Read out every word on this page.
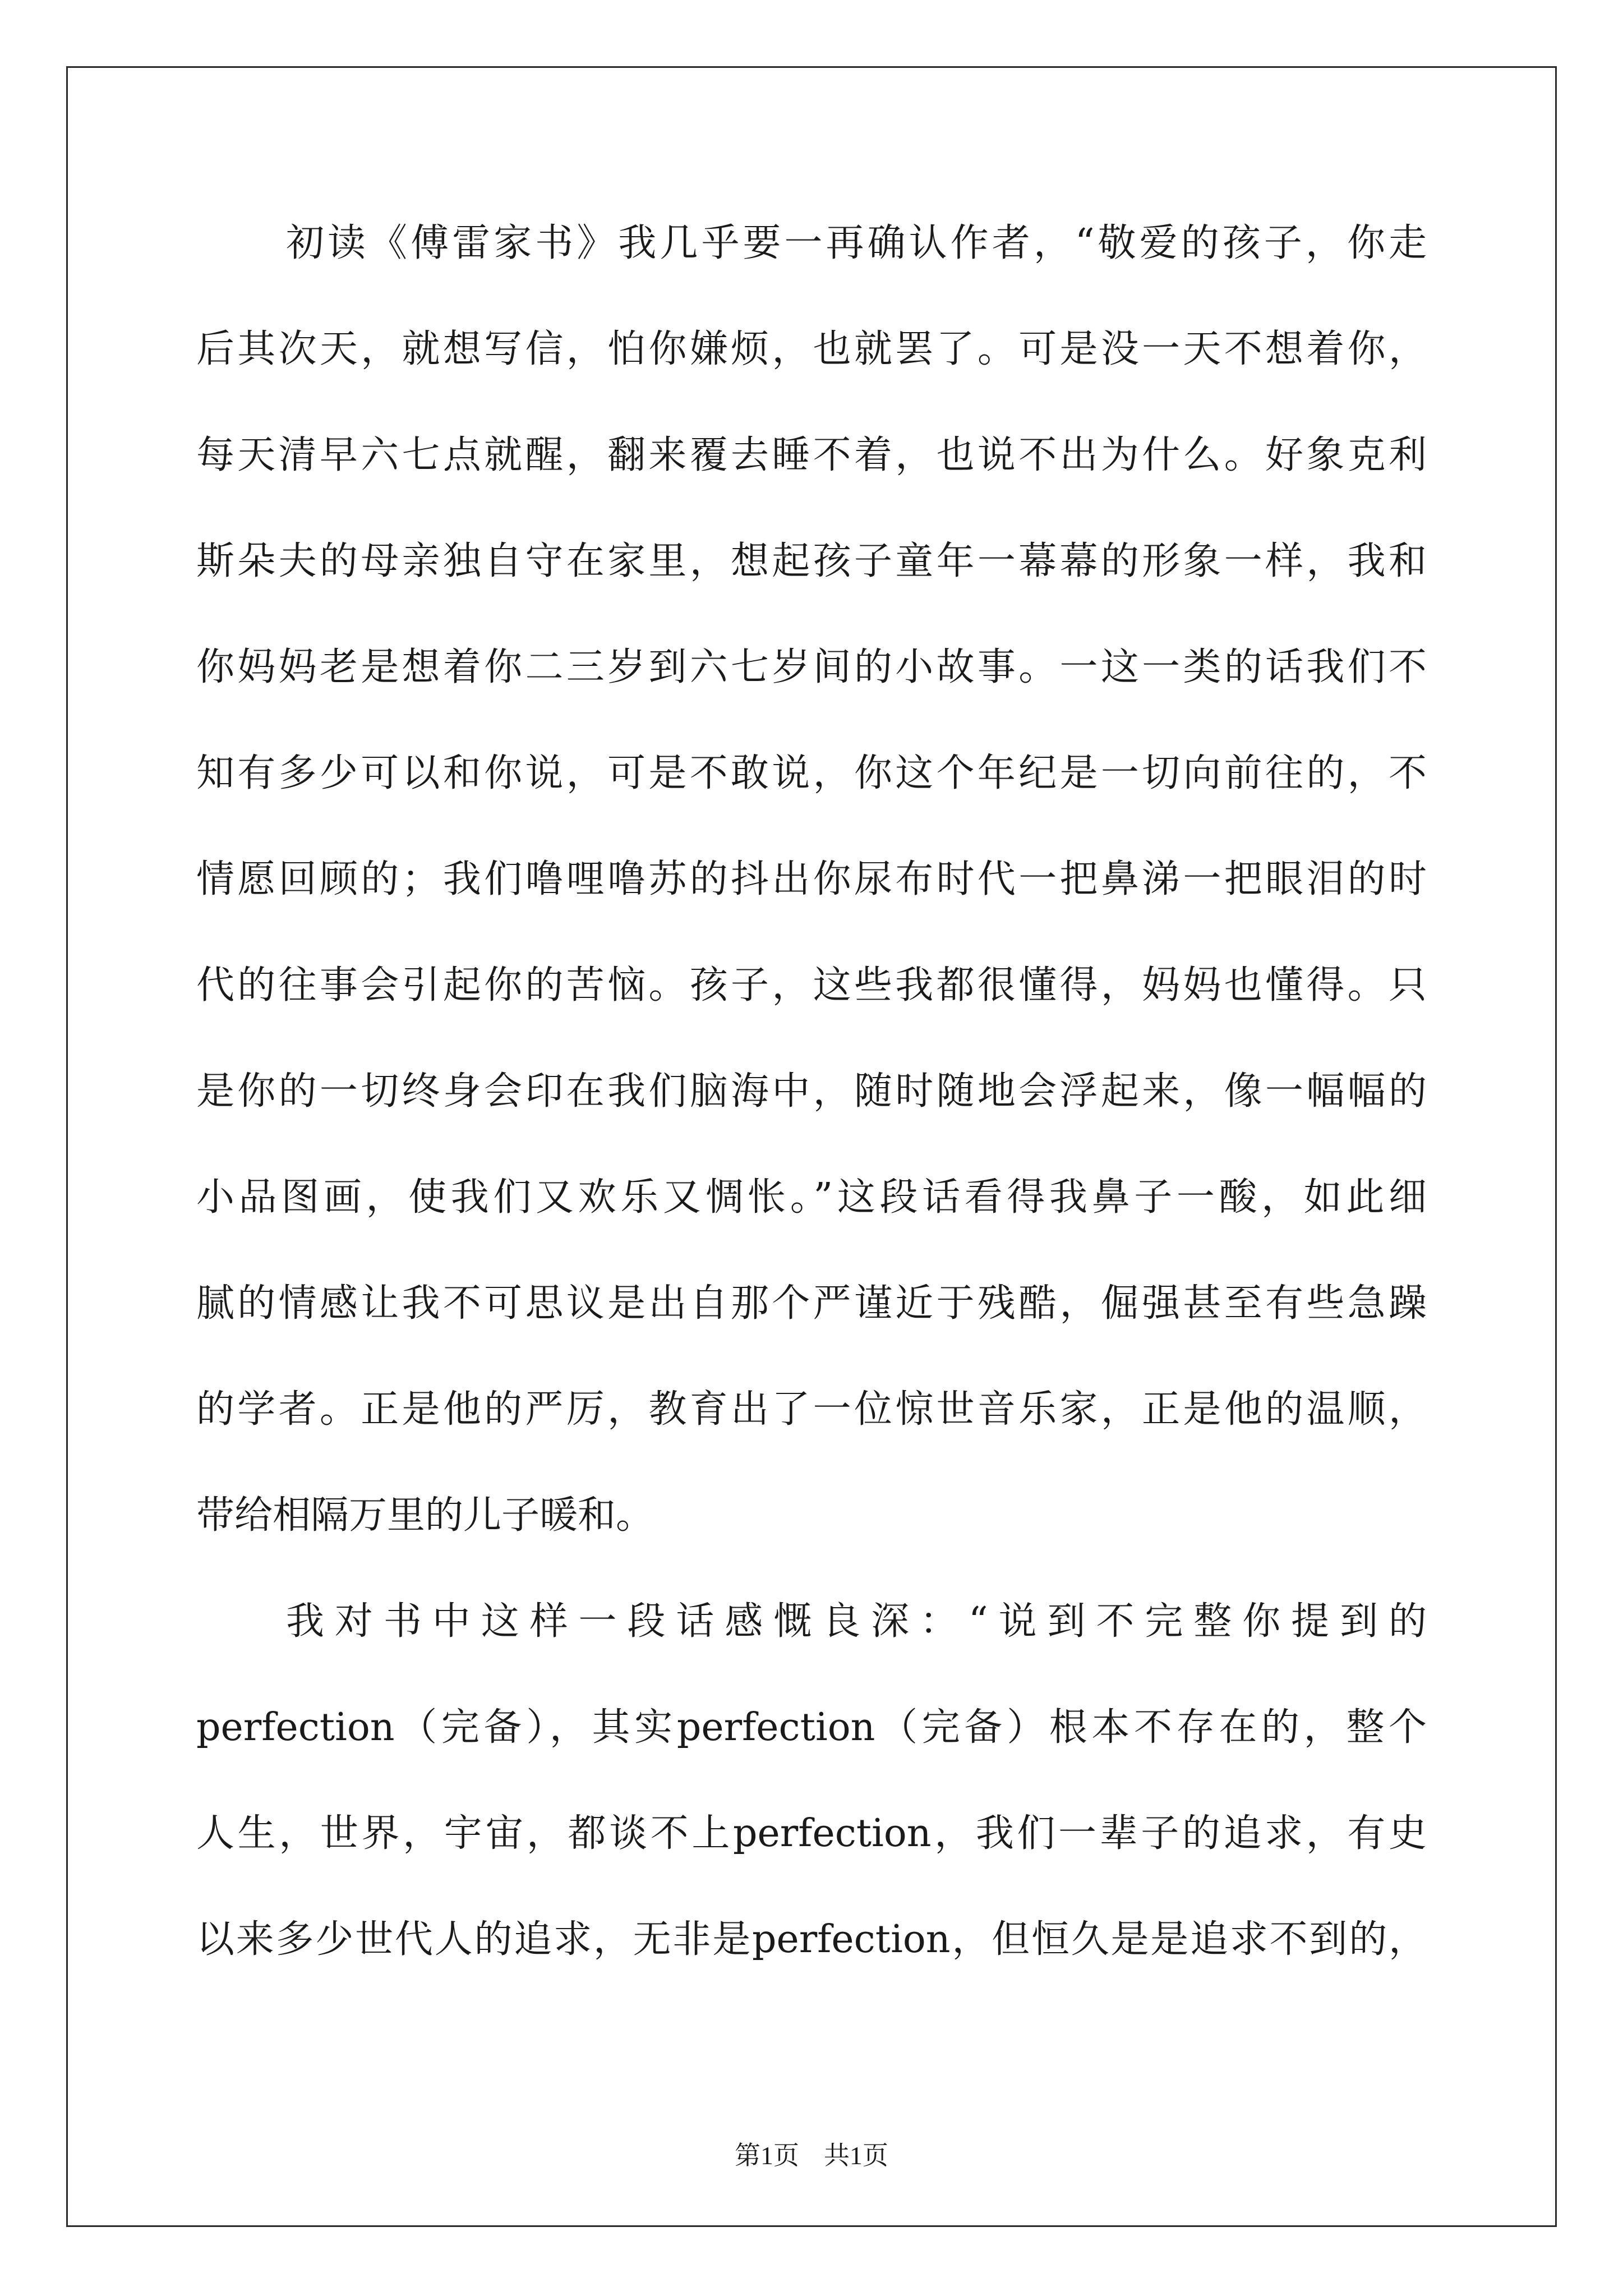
初读《傅雷家书》我几乎要一再确认作者，“敬爱的孩子，你走
后其次天，就想写信，怕你嫌烦，也就罢了。可是没一天不想着你，
每天清早六七点就醒，翻来覆去睡不着，也说不出为什么。好象克利
斯朵夫的母亲独自守在家里，想起孩子童年一幕幕的形象一样，我和
你妈妈老是想着你二三岁到六七岁间的小故事。一这一类的话我们不
知有多少可以和你说，可是不敢说，你这个年纪是一切向前往的，不
情愿回顾的；我们噜哩噜苏的抖出你尿布时代一把鼻涕一把眼泪的时
代的往事会引起你的苦恼。孩子，这些我都很懂得，妈妈也懂得。只
是你的一切终身会印在我们脑海中，随时随地会浮起来，像一幅幅的
小品图画，使我们又欢乐又惆怅。”这段话看得我鼻子一酸，如此细
腻的情感让我不可思议是出自那个严谨近于残酷，倔强甚至有些急躁
的学者。正是他的严厉，教育出了一位惊世音乐家，正是他的温顺，
带给相隔万里的儿子暖和。
我对书中这样一段话感慨良深：“说到不完整你提到的
perfection（完备），其实perfection（完备）根本不存在的，整个
人生，世界，宇宙，都谈不上perfection，我们一辈子的追求，有史
以来多少世代人的追求，无非是perfection，但恒久是是追求不到的，
第1页 共1页
